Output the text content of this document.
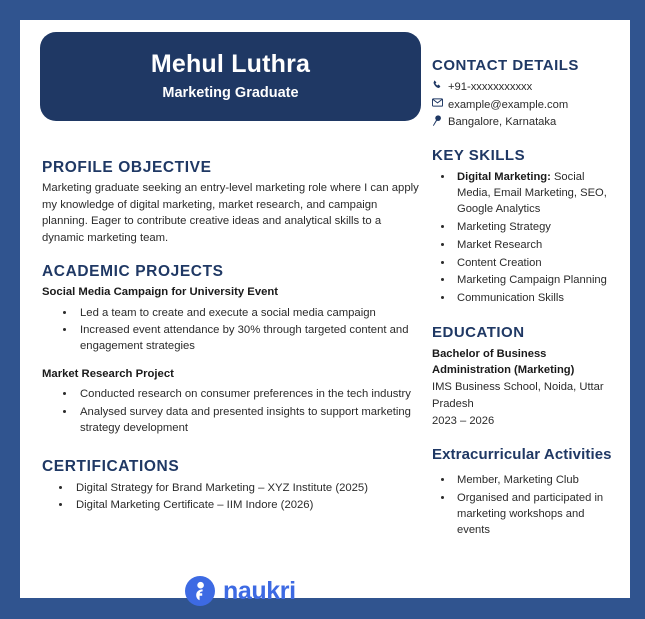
Mehul Luthra
Marketing Graduate
PROFILE OBJECTIVE

Marketing graduate seeking an entry-level marketing role where I can apply my knowledge of digital marketing, market research, and campaign planning. Eager to contribute creative ideas and analytical skills to a dynamic marketing team.

ACADEMIC PROJECTS
Social Media Campaign for University Event
• Led a team to create and execute a social media campaign
• Increased event attendance by 30% through targeted content and engagement strategies
Market Research Project
• Conducted research on consumer preferences in the tech industry
• Analysed survey data and presented insights to support marketing strategy development
CERTIFICATIONS
• Digital Strategy for Brand Marketing – XYZ Institute (2025)
• Digital Marketing Certificate – IIM Indore (2026)
CONTACT DETAILS
+91-xxxxxxxxxxx
example@example.com
Bangalore, Karnataka
KEY SKILLS
• Digital Marketing: Social Media, Email Marketing, SEO, Google Analytics
• Marketing Strategy
• Market Research
• Content Creation
• Marketing Campaign Planning
• Communication Skills
EDUCATION
Bachelor of Business Administration (Marketing)
IMS Business School, Noida, Uttar Pradesh
2023 – 2026
Extracurricular Activities
• Member, Marketing Club
• Organised and participated in marketing workshops and events
naukri
